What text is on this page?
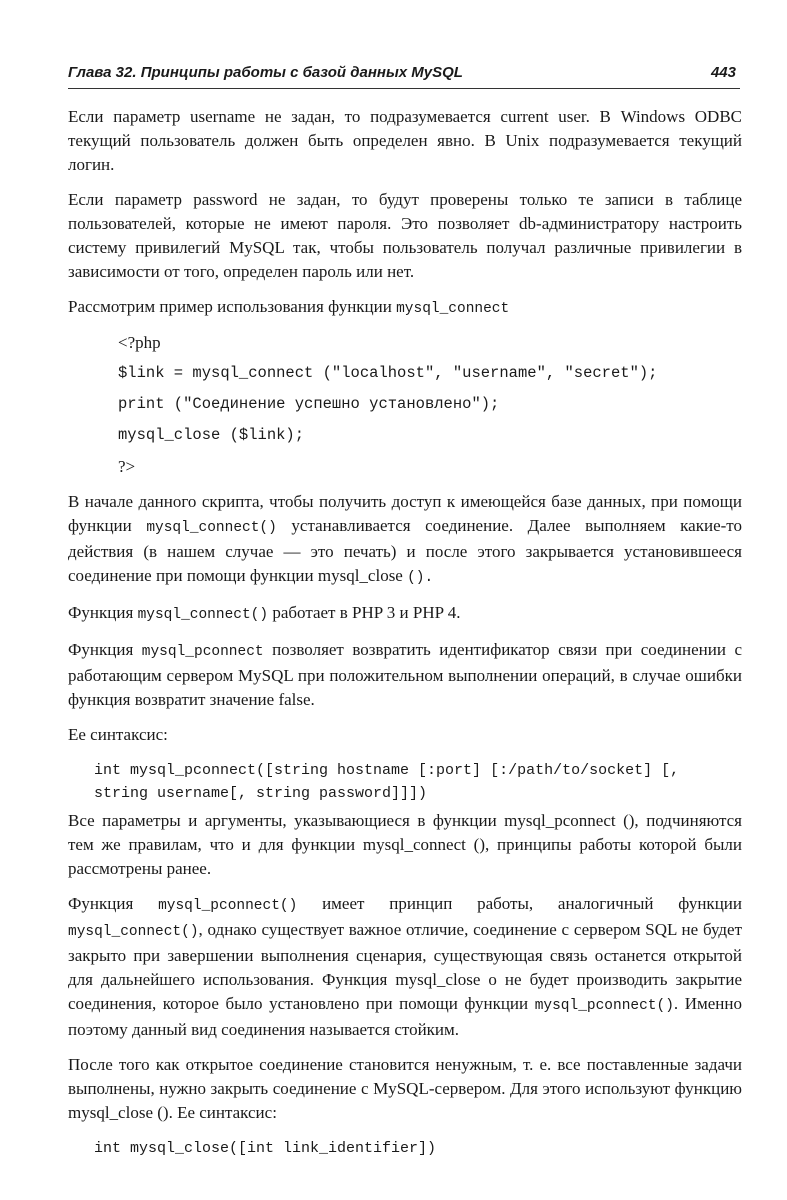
Глава 32. Принципы работы с базой данных MySQL	443

Если параметр username не задан, то подразумевается current user. В Windows ODBC текущий пользователь должен быть определен явно. В Unix подразумевается текущий логин.

Если параметр password не задан, то будут проверены только те записи в таблице пользователей, которые не имеют пароля. Это позволяет db-администратору настроить систему привилегий MySQL так, чтобы пользователь получал различные привилегии в зависимости от того, определен пароль или нет.

Рассмотрим пример использования функции mysql_connect

<?php
$link = mysql_connect ("localhost", "username", "secret");
print ("Соединение успешно установлено");
mysql_close ($link);
?>

В начале данного скрипта, чтобы получить доступ к имеющейся базе данных, при помощи функции mysql_connect() устанавливается соединение. Далее выполняем какие-то действия (в нашем случае — это печать) и после этого закрывается установившееся соединение при помощи функции mysql_close ().

Функция mysql_connect() работает в PHP 3 и PHP 4.

Функция mysql_pconnect позволяет возвратить идентификатор связи при соединении с работающим сервером MySQL при положительном выполнении операций, в случае ошибки функция возвратит значение false.

Ее синтаксис:

int mysql_pconnect([string hostname [:port] [:/path/to/socket] [,
string username[, string password]]])

Все параметры и аргументы, указывающиеся в функции mysql_pconnect (), подчиняются тем же правилам, что и для функции mysql_connect (), принципы работы которой были рассмотрены ранее.

Функция mysql_pconnect() имеет принцип работы, аналогичный функции mysql_connect(), однако существует важное отличие, соединение с сервером SQL не будет закрыто при завершении выполнения сценария, существующая связь останется открытой для дальнейшего использования. Функция mysql_close о не будет производить закрытие соединения, которое было установлено при помощи функции mysql_pconnect(). Именно поэтому данный вид соединения называется стойким.

После того как открытое соединение становится ненужным, т. е. все поставленные задачи выполнены, нужно закрыть соединение с MySQL-сервером. Для этого используют функцию mysql_close (). Ее синтаксис:

int mysql_close([int link_identifier])
